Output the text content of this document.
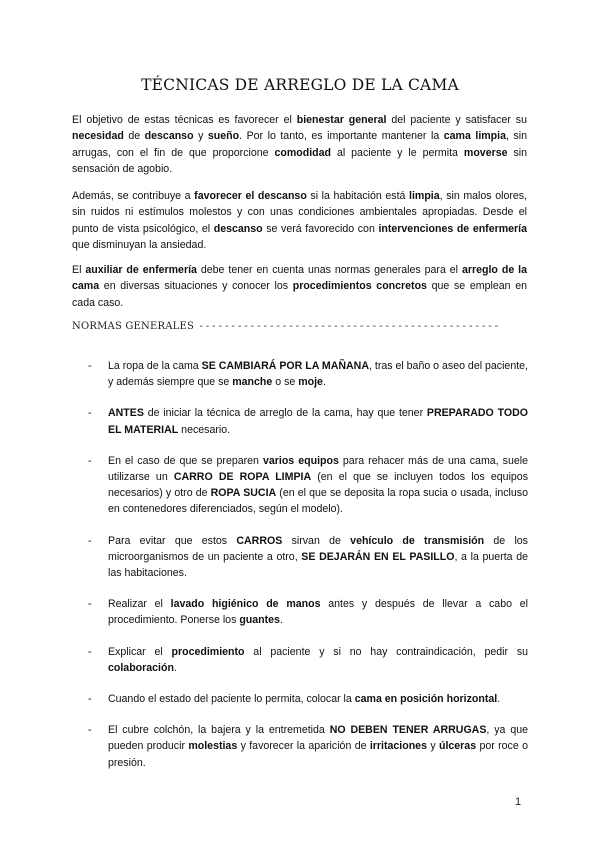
TÉCNICAS DE ARREGLO DE LA CAMA

El objetivo de estas técnicas es favorecer el bienestar general del paciente y satisfacer su necesidad de descanso y sueño. Por lo tanto, es importante mantener la cama limpia, sin arrugas, con el fin de que proporcione comodidad al paciente y le permita moverse sin sensación de agobio.

Además, se contribuye a favorecer el descanso si la habitación está limpia, sin malos olores, sin ruidos ni estímulos molestos y con unas condiciones ambientales apropiadas. Desde el punto de vista psicológico, el descanso se verá favorecido con intervenciones de enfermería que disminuyan la ansiedad.

El auxiliar de enfermería debe tener en cuenta unas normas generales para el arreglo de la cama en diversas situaciones y conocer los procedimientos concretos que se emplean en cada caso.

NORMAS GENERALES -----------------------------------------------
- La ropa de la cama SE CAMBIARÁ POR LA MAÑANA, tras el baño o aseo del paciente, y además siempre que se manche o se moje.
- ANTES de iniciar la técnica de arreglo de la cama, hay que tener PREPARADO TODO EL MATERIAL necesario.
- En el caso de que se preparen varios equipos para rehacer más de una cama, suele utilizarse un CARRO DE ROPA LIMPIA (en el que se incluyen todos los equipos necesarios) y otro de ROPA SUCIA (en el que se deposita la ropa sucia o usada, incluso en contenedores diferenciados, según el modelo).
- Para evitar que estos CARROS sirvan de vehículo de transmisión de los microorganismos de un paciente a otro, SE DEJARÁN EN EL PASILLO, a la puerta de las habitaciones.
- Realizar el lavado higiénico de manos antes y después de llevar a cabo el procedimiento. Ponerse los guantes.
- Explicar el procedimiento al paciente y si no hay contraindicación, pedir su colaboración.
- Cuando el estado del paciente lo permita, colocar la cama en posición horizontal.
- El cubre colchón, la bajera y la entremetida NO DEBEN TENER ARRUGAS, ya que pueden producir molestias y favorecer la aparición de irritaciones y úlceras por roce o presión.
1
